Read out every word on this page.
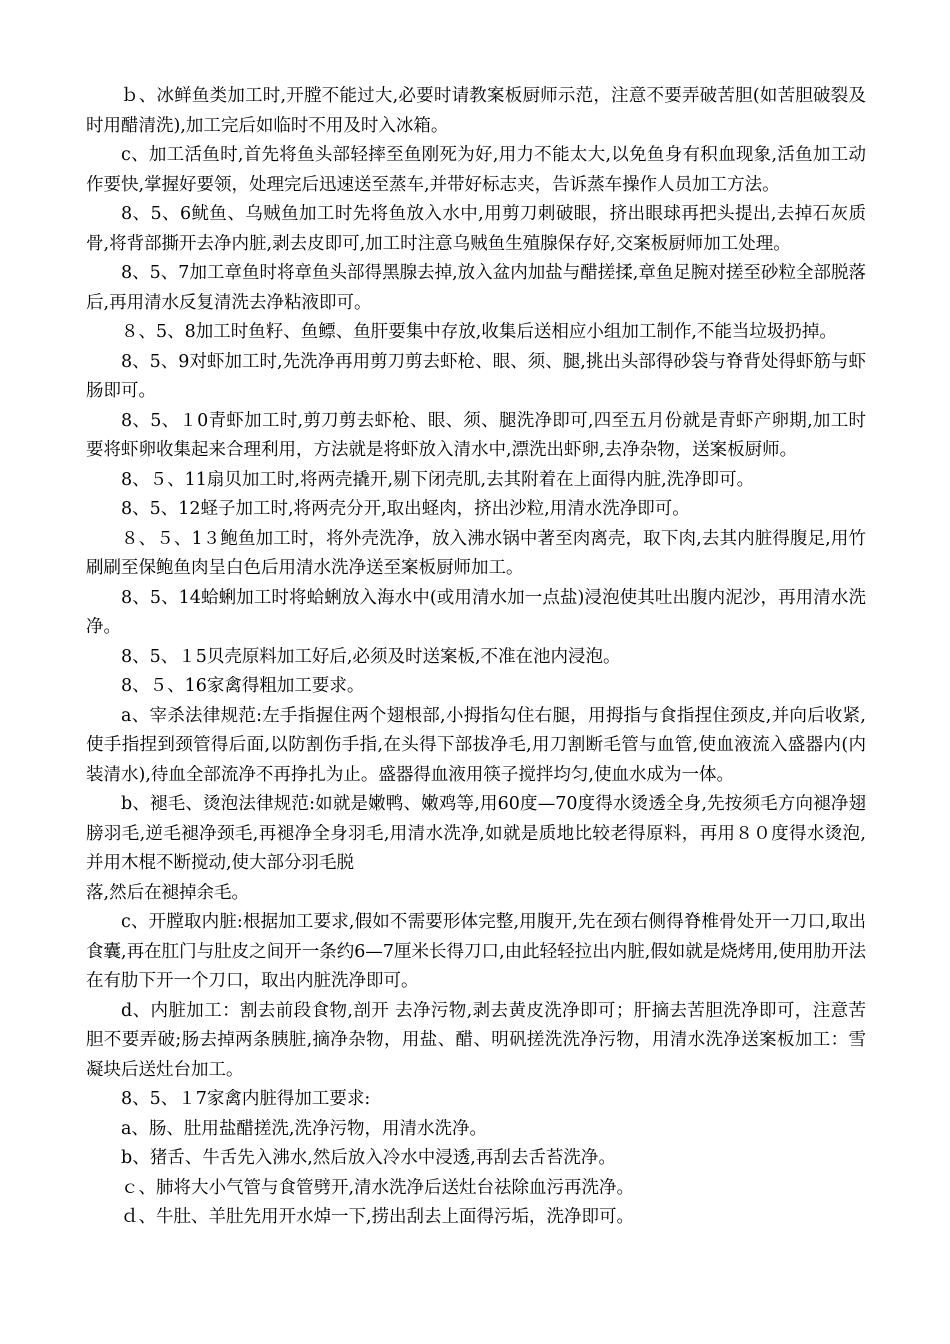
ｂ、冰鲜鱼类加工时,开膛不能过大,必要时请教案板厨师示范，注意不要弄破苦胆(如苦胆破裂及时用醋清洗),加工完后如临时不用及时入冰箱。

c、加工活鱼时,首先将鱼头部轻摔至鱼刚死为好,用力不能太大,以免鱼身有积血现象,活鱼加工动作要快,掌握好要领，处理完后迅速送至蒸车,并带好标志夹，告诉蒸车操作人员加工方法。

8、5、6鱿鱼、乌贼鱼加工时先将鱼放入水中,用剪刀刺破眼，挤出眼球再把头提出,去掉石灰质骨,将背部撕开去净内脏,剥去皮即可,加工时注意乌贼鱼生殖腺保存好,交案板厨师加工处理。

8、5、7加工章鱼时将章鱼头部得黑腺去掉,放入盆内加盐与醋搓揉,章鱼足腕对搓至砂粒全部脱落后,再用清水反复清洗去净粘液即可。

８、5、8加工时鱼籽、鱼鳔、鱼肝要集中存放,收集后送相应小组加工制作,不能当垃圾扔掉。

8、5、9对虾加工时,先洗净再用剪刀剪去虾枪、眼、须、腿,挑出头部得砂袋与脊背处得虾筋与虾肠即可。

8、5、１0青虾加工时,剪刀剪去虾枪、眼、须、腿洗净即可,四至五月份就是青虾产卵期,加工时要将虾卵收集起来合理利用，方法就是将虾放入清水中,漂洗出虾卵,去净杂物，送案板厨师。

8、５、11扇贝加工时,将两壳撬开,剔下闭壳肌,去其附着在上面得内脏,洗净即可。

8、5、12蛏子加工时,将两壳分开,取出蛏肉，挤出沙粒,用清水洗净即可。

８、５、1３鲍鱼加工时，将外壳洗净，放入沸水锅中著至肉离壳，取下肉,去其内脏得腹足,用竹刷刷至保鲍鱼肉呈白色后用清水洗净送至案板厨师加工。

8、5、14蛤蜊加工时将蛤蜊放入海水中(或用清水加一点盐)浸泡使其吐出腹内泥沙，再用清水洗净。

8、5、１5贝壳原料加工好后,必须及时送案板,不准在池内浸泡。

8、５、16家禽得粗加工要求。

a、宰杀法律规范:左手指握住两个翅根部,小拇指勾住右腿，用拇指与食指捏住颈皮,并向后收紧,使手指捏到颈管得后面,以防割伤手指,在头得下部拔净毛,用刀割断毛管与血管,使血液流入盛器内(内装清水),待血全部流净不再挣扎为止。盛器得血液用筷子搅拌均匀,使血水成为一体。

b、褪毛、烫泡法律规范:如就是嫩鸭、嫩鸡等,用60度—70度得水烫透全身,先按须毛方向褪净翅膀羽毛,逆毛褪净颈毛,再褪净全身羽毛,用清水洗净,如就是质地比较老得原料，再用８０度得水烫泡,并用木棍不断搅动,使大部分羽毛脱

落,然后在褪掉余毛。

c、开膛取内脏:根据加工要求,假如不需要形体完整,用腹开,先在颈右侧得脊椎骨处开一刀口,取出食囊,再在肛门与肚皮之间开一条约6—7厘米长得刀口,由此轻轻拉出内脏,假如就是烧烤用,使用肋开法在有肋下开一个刀口，取出内脏洗净即可。

d、内脏加工：割去前段食物,剖开 去净污物,剥去黄皮洗净即可；肝摘去苦胆洗净即可，注意苦胆不要弄破;肠去掉两条胰脏,摘净杂物，用盐、醋、明矾搓洗洗净污物，用清水洗净送案板加工：雪凝块后送灶台加工。

8、5、１7家禽内脏得加工要求:

a、肠、肚用盐醋搓洗,洗净污物，用清水洗净。

b、猪舌、牛舌先入沸水,然后放入冷水中浸透,再刮去舌苔洗净。

ｃ、肺将大小气管与食管劈开,清水洗净后送灶台祛除血污再洗净。

ｄ、牛肚、羊肚先用开水焯一下,捞出刮去上面得污垢，洗净即可。
